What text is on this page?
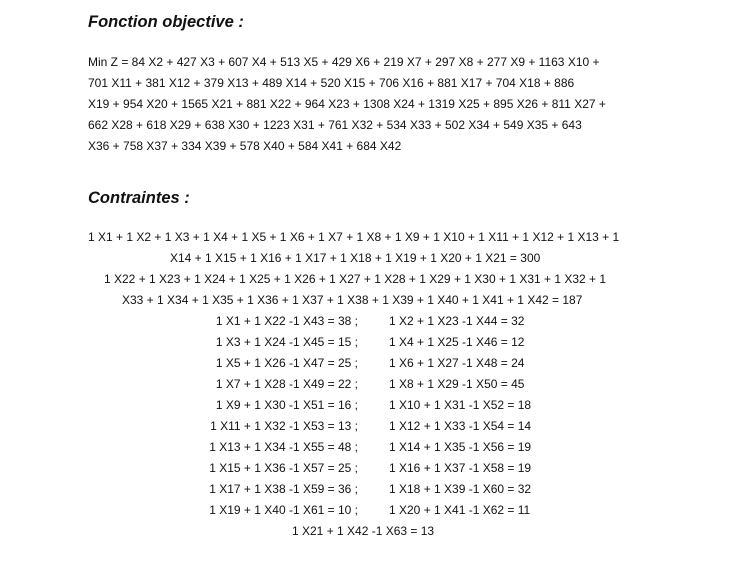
Fonction objective :
Min Z = 84 X2 + 427 X3 + 607 X4 + 513 X5 + 429 X6 + 219 X7 + 297 X8 + 277 X9 + 1163 X10 +
701 X11 + 381 X12 + 379 X13 + 489 X14 + 520 X15 + 706 X16 + 881 X17 + 704 X18 + 886
X19 + 954 X20 + 1565 X21 + 881 X22 + 964 X23 + 1308 X24 + 1319 X25 + 895 X26 + 811 X27 +
662 X28 + 618 X29 + 638 X30 + 1223 X31 + 761 X32 + 534 X33 + 502 X34 + 549 X35 + 643
X36 + 758 X37 + 334 X39 + 578 X40 + 584 X41 + 684 X42
Contraintes :
1 X1 + 1 X2 + 1 X3 + 1 X4 + 1 X5 + 1 X6 + 1 X7 + 1 X8 + 1 X9 + 1 X10 + 1 X11 + 1 X12 + 1 X13 + 1
X14 + 1 X15 + 1 X16 + 1 X17 + 1 X18 + 1 X19 + 1 X20 + 1 X21 = 300
1 X22 + 1 X23 + 1 X24 + 1 X25 + 1 X26 + 1 X27 + 1 X28 + 1 X29 + 1 X30 + 1 X31 + 1 X32 + 1
X33 + 1 X34 + 1 X35 + 1 X36 + 1 X37 + 1 X38 + 1 X39 + 1 X40 + 1 X41 + 1 X42 = 187
1 X1 + 1 X22 -1 X43 = 38 ;	1 X2 + 1 X23 -1 X44 = 32
1 X3 + 1 X24 -1 X45 = 15 ;	1 X4 + 1 X25 -1 X46 = 12
1 X5 + 1 X26 -1 X47 = 25 ;	1 X6 + 1 X27 -1 X48 = 24
1 X7 + 1 X28 -1 X49 = 22 ;	1 X8 + 1 X29 -1 X50 = 45
1 X9 + 1 X30 -1 X51 = 16 ;	1 X10 + 1 X31 -1 X52 = 18
1 X11 + 1 X32 -1 X53 = 13 ;	1 X12 + 1 X33 -1 X54 = 14
1 X13 + 1 X34 -1 X55 = 48 ;	1 X14 + 1 X35 -1 X56 = 19
1 X15 + 1 X36 -1 X57 = 25 ;	1 X16 + 1 X37 -1 X58 = 19
1 X17 + 1 X38 -1 X59 = 36 ;	1 X18 + 1 X39 -1 X60 = 32
1 X19 + 1 X40 -1 X61 = 10 ;	1 X20 + 1 X41 -1 X62 = 11
1 X21 + 1 X42 -1 X63 = 13
